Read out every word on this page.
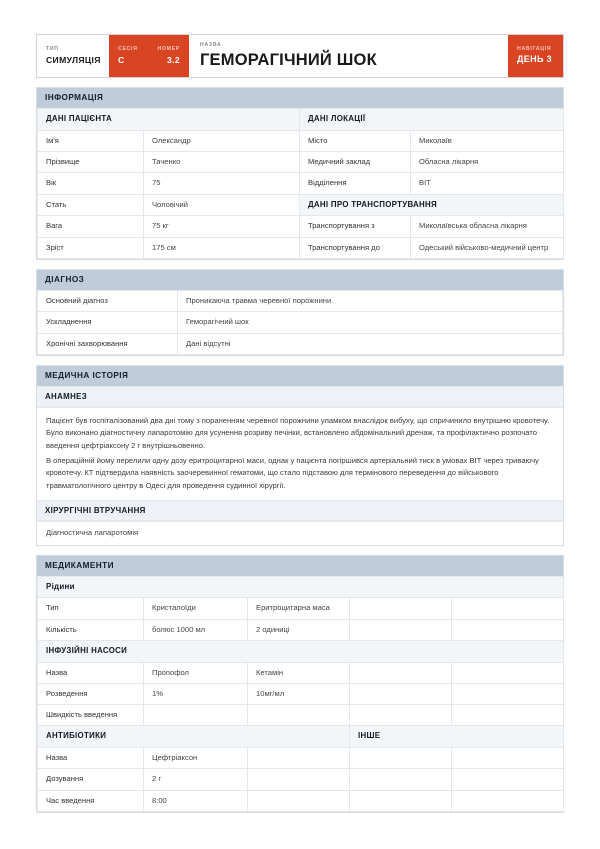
ТИП
СИМУЛЯЦІЯ
СЕСІЯ
C
НОМЕР
3.2
НАЗВА
ГЕМОРАГІЧНИЙ ШОК
НАВІГАЦІЯ
ДЕНЬ 3
ІНФОРМАЦІЯ
ДАНІ ПАЦІЄНТА		ДАНІ ЛОКАЦІЇ	
Ім'я	Олександр	Місто	Миколаїв
Прізвище	Таченко	Медичний заклад	Обласна лікарня
Вік	75	Відділення	ВІТ
Стать	Чоловічий	ДАНІ ПРО ТРАНСПОРТУВАННЯ	
Вага	75 кг	Транспортування з	Миколаївська обласна лікарня
Зріст	175 см	Транспортування до	Одеський військово-медичний центр
ДІАГНОЗ
Основний діагноз	Проникаюча травма черевної порожнини
Ускладнення	Геморагічний шок
Хронічні захворювання	Дані відсутні
МЕДИЧНА ІСТОРІЯ
АНАМНЕЗ

Пацієнт був госпіталізований два дні тому з пораненням черевної порожнини уламком внаслідок вибуху, що спричинило внутрішню кровотечу. Було виконано діагностичну лапаротомію для усунення розриву печінки, встановлено абдомінальний дренаж, та профілактично розпочато введення цефтріаксону 2 г внутрішньовенно.

В операційній йому перелили одну дозу еритроцитарної маси, однак у пацієнта погіршився артеріальний тиск в умовах ВІТ через триваючу кровотечу. КТ підтвердила наявність заочеревинної гематоми, що стало підставою для термінового переведення до військового травматологічного центру в Одесі для проведення судинної хірургії.

ХІРУРГІЧНІ ВТРУЧАННЯ
Діагностична лапаротомія
МЕДИКАМЕНТИ
Рідини				
Тип	Кристалоїди	Еритроцитарна маса		
Кількість	болюс 1000 мл	2 одиниці		
ІНФУЗІЙНІ НАСОСИ				
Назва	Пропофол	Кетамін		
Розведення	1%	10мг/мл		
Швидкість введення				
АНТИБІОТИКИ			ІНШЕ	
Назва	Цефтріаксон			
Дозування	2 г			
Час введення	8:00			
